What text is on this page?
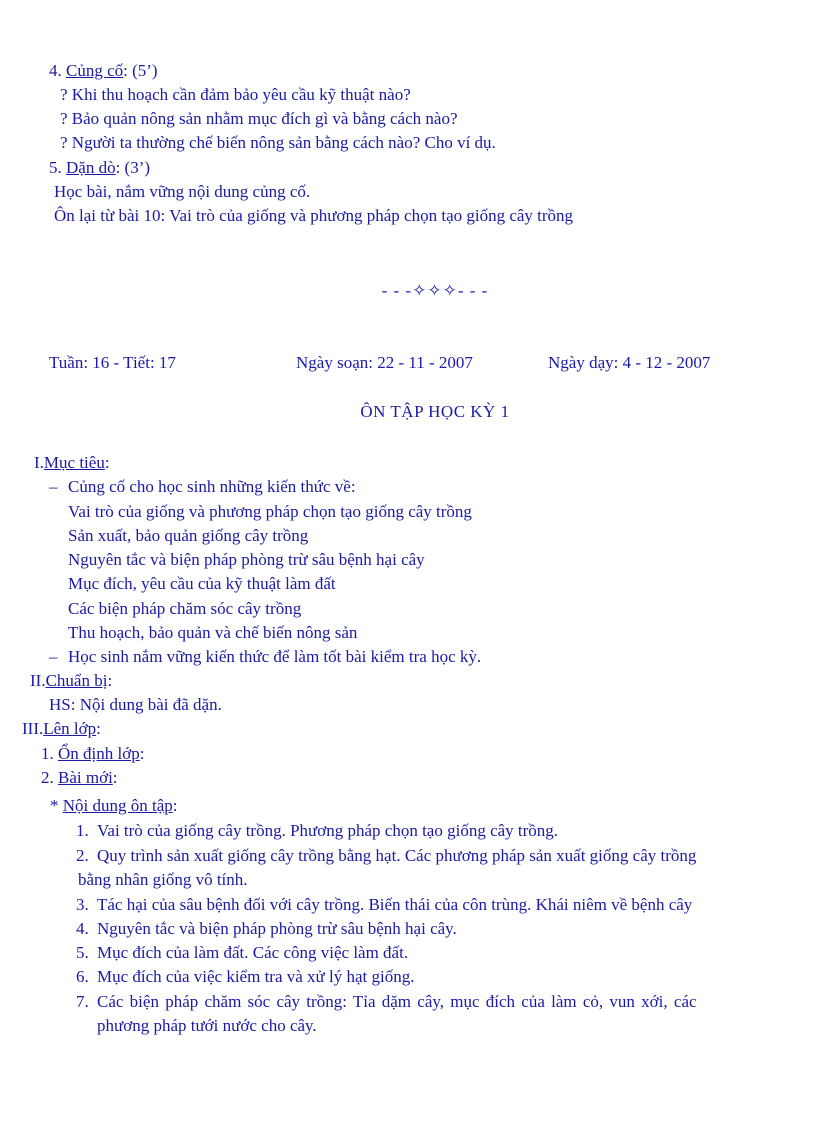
4. Củng cố: (5’)
? Khi thu hoạch cần đảm bảo yêu cầu kỹ thuật nào?
? Bảo quản nông sản nhằm mục đích gì và bằng cách nào?
? Người ta thường chế biến nông sản bằng cách nào? Cho ví dụ.
5. Dặn dò: (3’)
Học bài, nắm vững nội dung củng cố.
Ôn lại từ bài 10: Vai trò của giống và phương pháp chọn tạo giống cây trồng
- - -✧✧✧- - -
Tuần: 16 - Tiết: 17	Ngày soạn: 22 - 11 - 2007	Ngày dạy: 4 - 12 - 2007
ÔN TẬP HỌC KỲ 1
I.Mục tiêu:
– Củng cố cho học sinh những kiến thức về:
Vai trò của giống và phương pháp chọn tạo giống cây trồng
Sản xuất, bảo quản giống cây trồng
Nguyên tắc và biện pháp phòng trừ sâu bệnh hại cây
Mục đích, yêu cầu của kỹ thuật làm đất
Các biện pháp chăm sóc cây trồng
Thu hoạch, bảo quản và chế biến nông sản
– Học sinh nắm vững kiến thức để làm tốt bài kiểm tra học kỳ.
II.Chuẩn bị:
HS: Nội dung bài đã dặn.
III.Lên lớp:
1. Ổn định lớp:
2. Bài mới:
* Nội dung ôn tập:
1. Vai trò của giống cây trồng. Phương pháp chọn tạo giống cây trồng.
2. Quy trình sản xuất giống cây trồng bằng hạt. Các phương pháp sản xuất giống cây trồng
bằng nhân giống vô tính.
3. Tác hại của sâu bệnh đối với cây trồng. Biến thái của côn trùng. Khái niêm về bệnh cây
4. Nguyên tắc và biện pháp phòng trừ sâu bệnh hại cây.
5. Mục đích của làm đất. Các công việc làm đất.
6. Mục đích của việc kiểm tra và xử lý hạt giống.
7. Các biện pháp chăm sóc cây trồng: Tỉa dặm cây, mục đích của làm cỏ, vun xới, các
phương pháp tưới nước cho cây.
